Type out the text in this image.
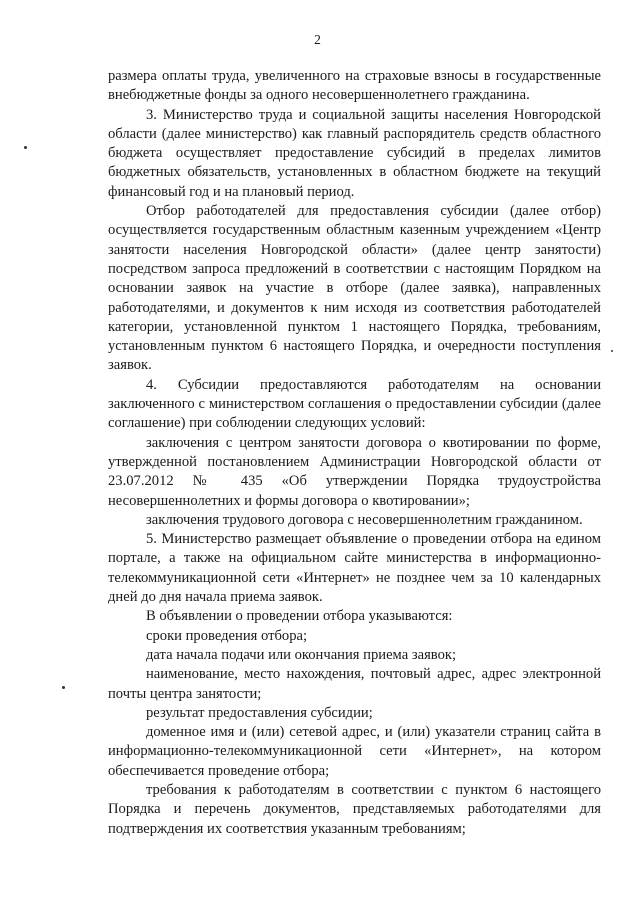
2

размера оплаты труда, увеличенного на страховые взносы в государственные внебюджетные фонды за одного несовершеннолетнего гражданина.

3. Министерство труда и социальной защиты населения Новгородской области (далее министерство) как главный распорядитель средств областного бюджета осуществляет предоставление субсидий в пределах лимитов бюджетных обязательств, установленных в областном бюджете на текущий финансовый год и на плановый период.

Отбор работодателей для предоставления субсидии (далее отбор) осуществляется государственным областным казенным учреждением «Центр занятости населения Новгородской области» (далее центр занятости) посредством запроса предложений в соответствии с настоящим Порядком на основании заявок на участие в отборе (далее заявка), направленных работодателями, и документов к ним исходя из соответствия работодателей категории, установленной пунктом 1 настоящего Порядка, требованиям, установленным пунктом 6 настоящего Порядка, и очередности поступления заявок.

4. Субсидии предоставляются работодателям на основании заключенного с министерством соглашения о предоставлении субсидии (далее соглашение) при соблюдении следующих условий:

заключения с центром занятости договора о квотировании по форме, утвержденной постановлением Администрации Новгородской области от 23.07.2012 № 435 «Об утверждении Порядка трудоустройства несовершеннолетних и формы договора о квотировании»;

заключения трудового договора с несовершеннолетним гражданином.

5. Министерство размещает объявление о проведении отбора на едином портале, а также на официальном сайте министерства в информационно-телекоммуникационной сети «Интернет» не позднее чем за 10 календарных дней до дня начала приема заявок.

В объявлении о проведении отбора указываются:

сроки проведения отбора;

дата начала подачи или окончания приема заявок;

наименование, место нахождения, почтовый адрес, адрес электронной почты центра занятости;

результат предоставления субсидии;

доменное имя и (или) сетевой адрес, и (или) указатели страниц сайта в информационно-телекоммуникационной сети «Интернет», на котором обеспечивается проведение отбора;

требования к работодателям в соответствии с пунктом 6 настоящего Порядка и перечень документов, представляемых работодателями для подтверждения их соответствия указанным требованиям;
